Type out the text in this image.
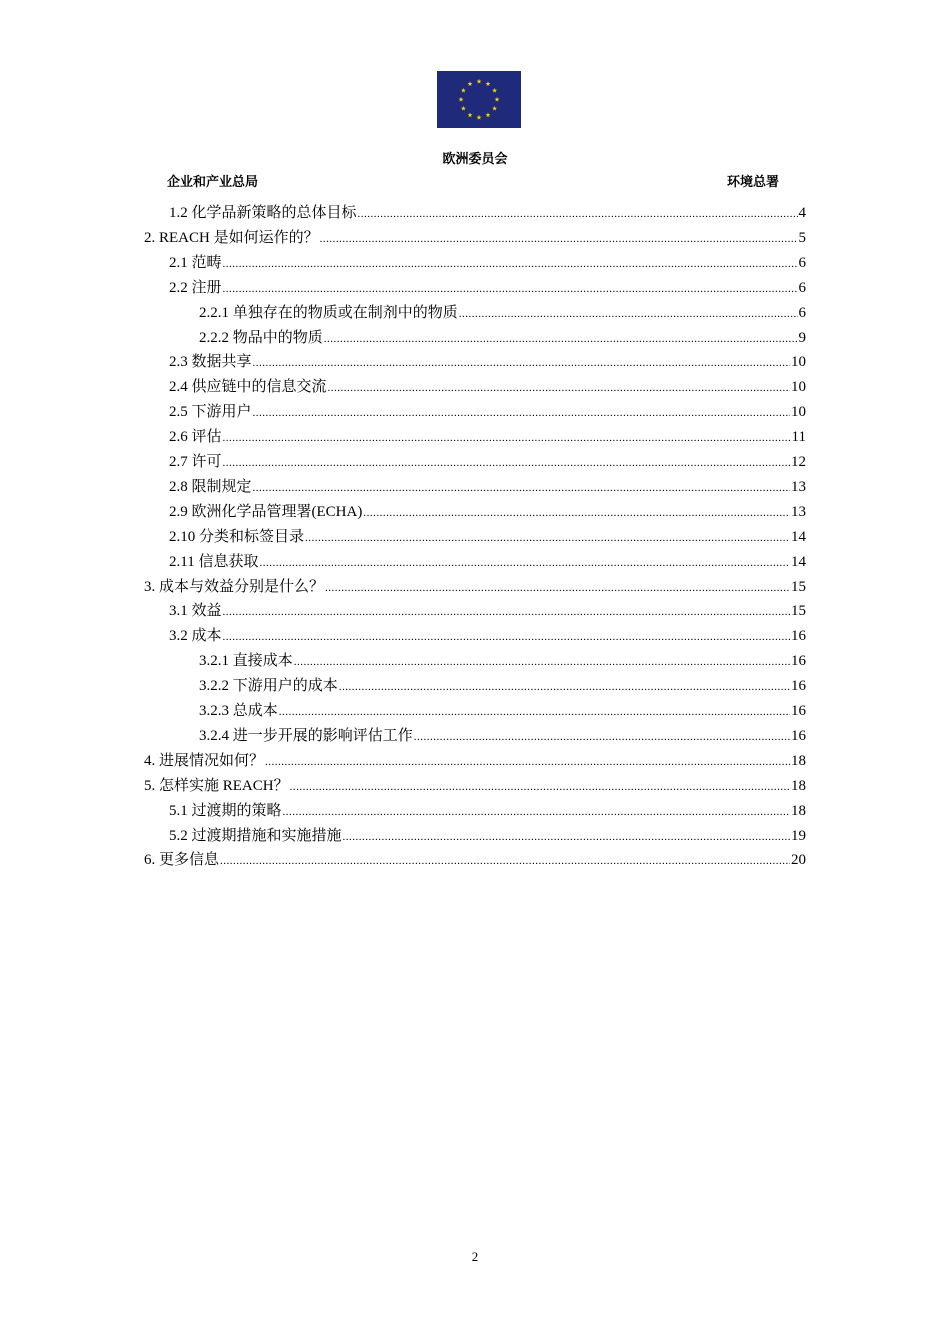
欧洲委员会
企业和产业总局	环境总署
1.2 化学品新策略的总体目标 .....	4
2. REACH 是如何运作的？ .....	5
2.1 范畴 .....	6
2.2 注册 .....	6
2.2.1 单独存在的物质或在制剂中的物质 .....	6
2.2.2 物品中的物质 .....	9
2.3 数据共享 .....	10
2.4 供应链中的信息交流 .....	10
2.5 下游用户 .....	10
2.6 评估 .....	11
2.7 许可 .....	12
2.8 限制规定 .....	13
2.9 欧洲化学品管理署(ECHA) .....	13
2.10 分类和标签目录 .....	14
2.11 信息获取 .....	14
3. 成本与效益分别是什么？ .....	15
3.1 效益 .....	15
3.2 成本 .....	16
3.2.1 直接成本 .....	16
3.2.2 下游用户的成本 .....	16
3.2.3 总成本 .....	16
3.2.4 进一步开展的影响评估工作 .....	16
4. 进展情况如何？ .....	18
5. 怎样实施 REACH？ .....	18
5.1 过渡期的策略 .....	18
5.2 过渡期措施和实施措施 .....	19
6. 更多信息 .....	20
2
